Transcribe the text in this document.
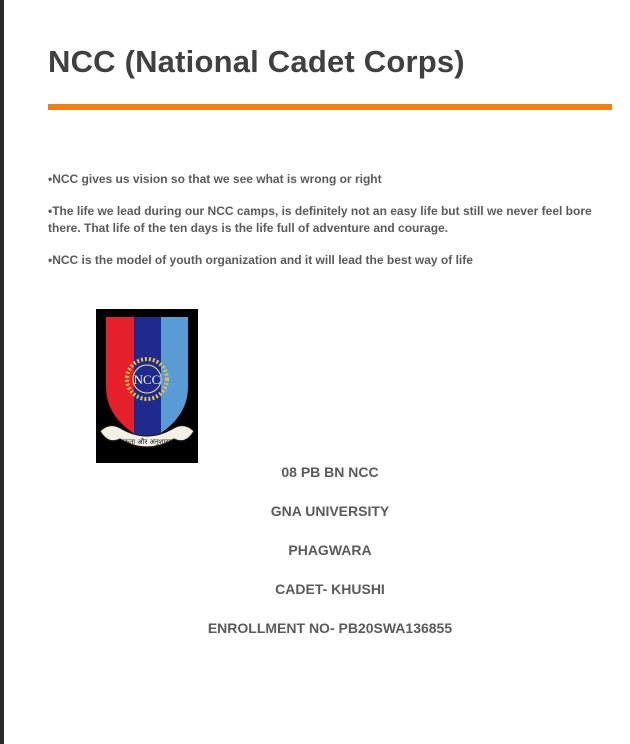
NCC (National Cadet Corps)
• NCC gives us vision so that we see what is wrong or right
• The life we lead during our NCC camps, is definitely not an easy life but still we never feel bore there. That life of the ten days is the life full of adventure and courage.
• NCC is the model of youth organization and it will lead the best way of life
NCC
एकता और अनुशासन
08 PB BN NCC
GNA UNIVERSITY
PHAGWARA
CADET- KHUSHI
ENROLLMENT NO- PB20SWA136855
